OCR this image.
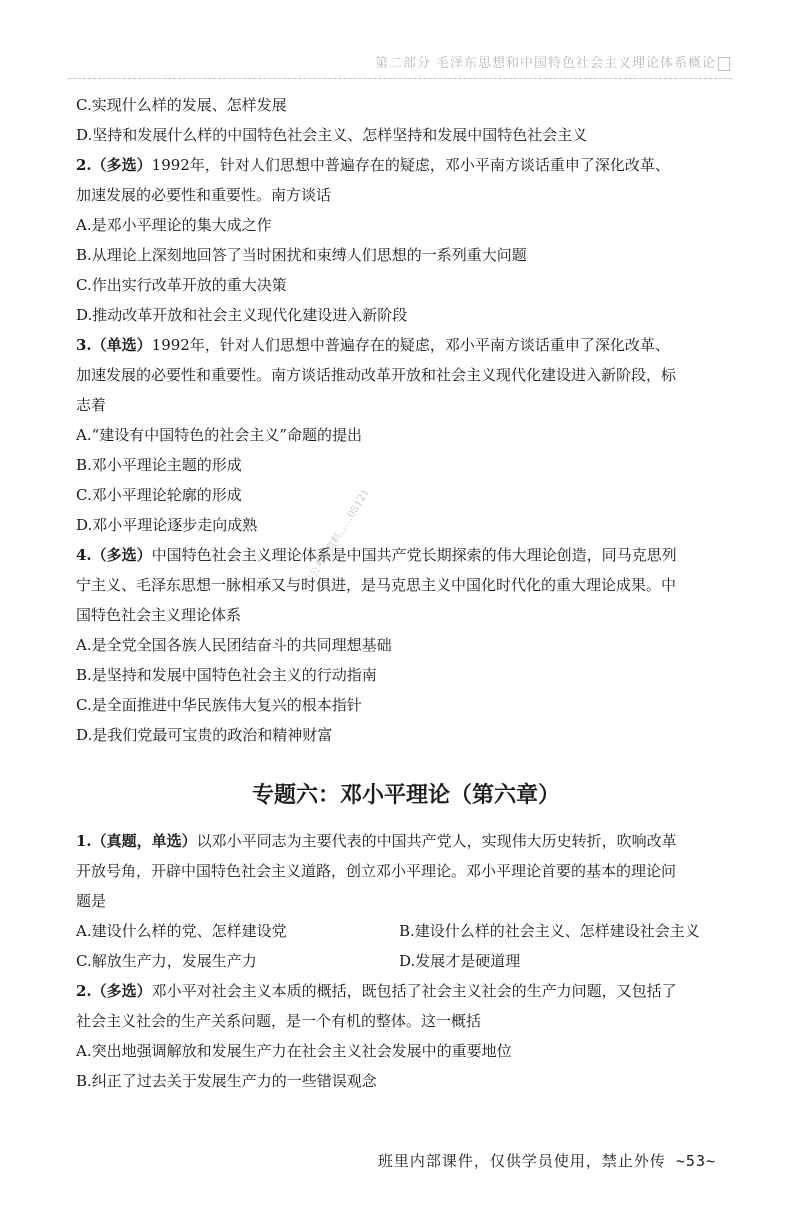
第二部分 毛泽东思想和中国特色社会主义理论体系概论
中公考研资料……05121
C.实现什么样的发展、怎样发展
D.坚持和发展什么样的中国特色社会主义、怎样坚持和发展中国特色社会主义
2.（多选）1992年，针对人们思想中普遍存在的疑虑，邓小平南方谈话重申了深化改革、
加速发展的必要性和重要性。南方谈话
A.是邓小平理论的集大成之作
B.从理论上深刻地回答了当时困扰和束缚人们思想的一系列重大问题
C.作出实行改革开放的重大决策
D.推动改革开放和社会主义现代化建设进入新阶段
3.（单选）1992年，针对人们思想中普遍存在的疑虑，邓小平南方谈话重申了深化改革、
加速发展的必要性和重要性。南方谈话推动改革开放和社会主义现代化建设进入新阶段，标
志着
A.“建设有中国特色的社会主义”命题的提出
B.邓小平理论主题的形成
C.邓小平理论轮廓的形成
D.邓小平理论逐步走向成熟
4.（多选）中国特色社会主义理论体系是中国共产党长期探索的伟大理论创造，同马克思列
宁主义、毛泽东思想一脉相承又与时俱进，是马克思主义中国化时代化的重大理论成果。中
国特色社会主义理论体系
A.是全党全国各族人民团结奋斗的共同理想基础
B.是坚持和发展中国特色社会主义的行动指南
C.是全面推进中华民族伟大复兴的根本指针
D.是我们党最可宝贵的政治和精神财富
专题六：邓小平理论（第六章）
1.（真题，单选）以邓小平同志为主要代表的中国共产党人，实现伟大历史转折，吹响改革
开放号角，开辟中国特色社会主义道路，创立邓小平理论。邓小平理论首要的基本的理论问
题是
A.建设什么样的党、怎样建设党	B.建设什么样的社会主义、怎样建设社会主义
C.解放生产力，发展生产力	D.发展才是硬道理
2.（多选）邓小平对社会主义本质的概括，既包括了社会主义社会的生产力问题，又包括了
社会主义社会的生产关系问题，是一个有机的整体。这一概括
A.突出地强调解放和发展生产力在社会主义社会发展中的重要地位
B.纠正了过去关于发展生产力的一些错误观念
班里内部课件，仅供学员使用，禁止外传 ~53~
